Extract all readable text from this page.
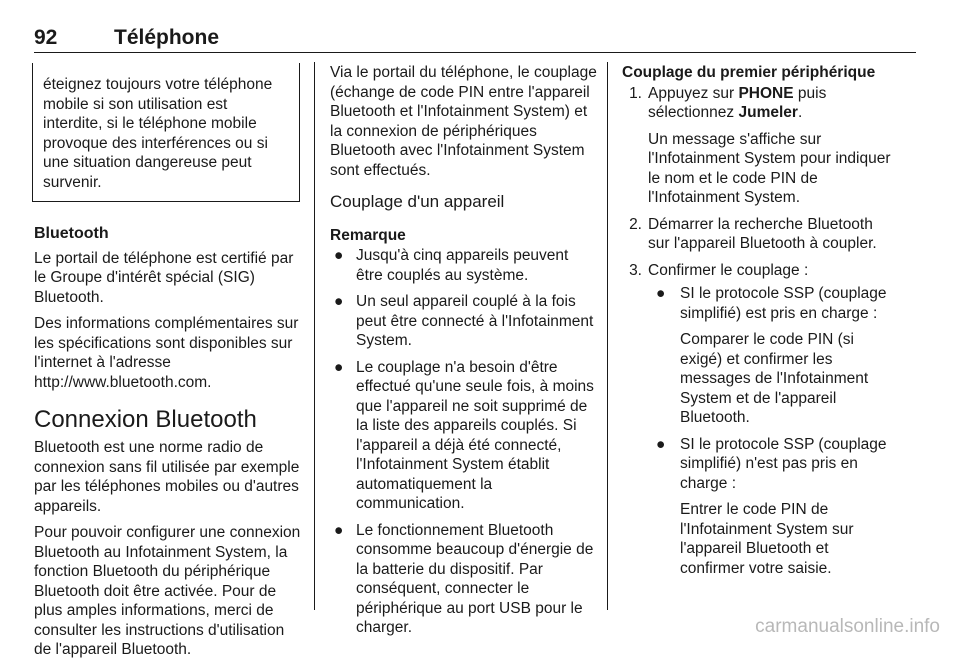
92	Téléphone
éteignez toujours votre téléphone mobile si son utilisation est interdite, si le téléphone mobile provoque des interférences ou si une situation dangereuse peut survenir.
Bluetooth

Le portail de téléphone est certifié par le Groupe d'intérêt spécial (SIG) Bluetooth.

Des informations complémentaires sur les spécifications sont disponibles sur l'internet à l'adresse http://www.bluetooth.com.

Connexion Bluetooth

Bluetooth est une norme radio de connexion sans fil utilisée par exemple par les téléphones mobiles ou d'autres appareils.

Pour pouvoir configurer une connexion Bluetooth au Infotainment System, la fonction Bluetooth du périphérique Bluetooth doit être activée. Pour de plus amples informations, merci de consulter les instructions d'utilisation de l'appareil Bluetooth.

Via le portail du téléphone, le couplage (échange de code PIN entre l'appareil Bluetooth et l'Infotainment System) et la connexion de périphériques Bluetooth avec l'Infotainment System sont effectués.

Couplage d'un appareil
Remarque
● Jusqu'à cinq appareils peuvent être couplés au système.
● Un seul appareil couplé à la fois peut être connecté à l'Infotainment System.
● Le couplage n'a besoin d'être effectué qu'une seule fois, à moins que l'appareil ne soit supprimé de la liste des appareils couplés. Si l'appareil a déjà été connecté, l'Infotainment System établit automatiquement la communication.
● Le fonctionnement Bluetooth consomme beaucoup d'énergie de la batterie du dispositif. Par conséquent, connecter le périphérique au port USB pour le charger.
Couplage du premier périphérique
1. Appuyez sur PHONE puis sélectionnez Jumeler.

Un message s'affiche sur l'Infotainment System pour indiquer le nom et le code PIN de l'Infotainment System.

2. Démarrer la recherche Bluetooth sur l'appareil Bluetooth à coupler.

3. Confirmer le couplage :
● SI le protocole SSP (couplage simplifié) est pris en charge :

Comparer le code PIN (si exigé) et confirmer les messages de l'Infotainment System et de l'appareil Bluetooth.

● SI le protocole SSP (couplage simplifié) n'est pas pris en charge :

Entrer le code PIN de l'Infotainment System sur l'appareil Bluetooth et confirmer votre saisie.

carmanualsonline.info
